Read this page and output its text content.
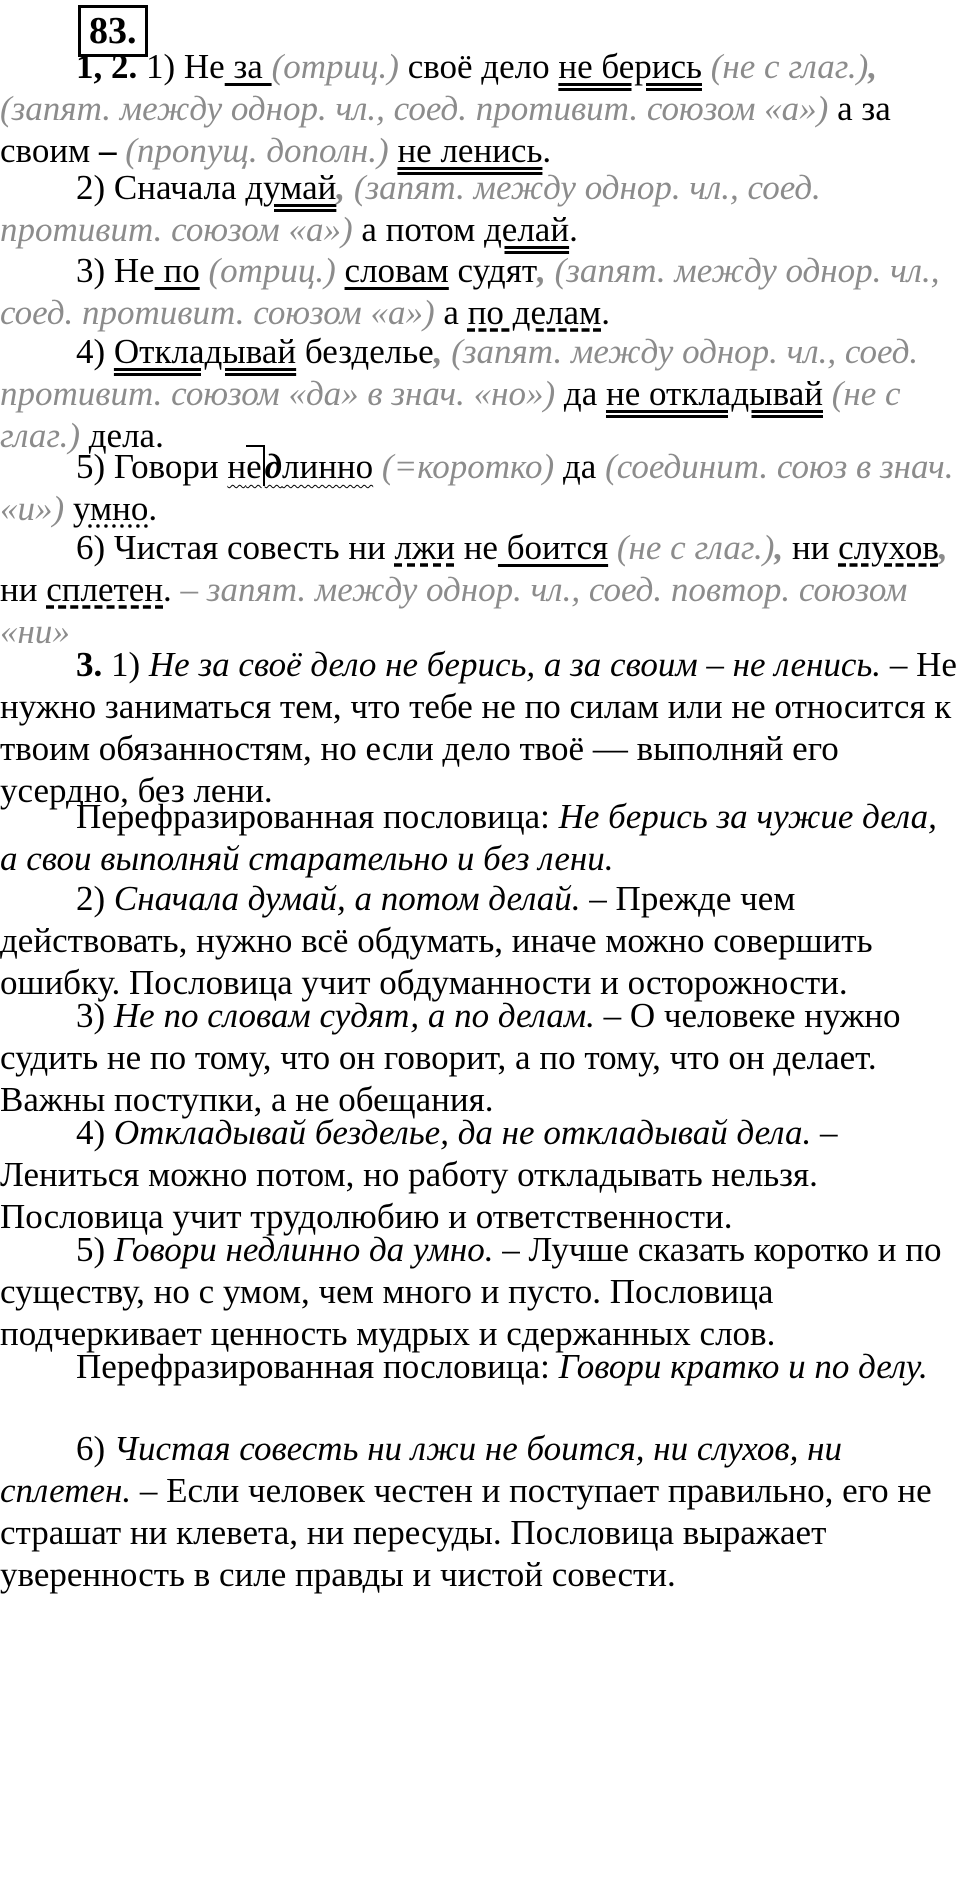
83.

1, 2. 1) Не за (отриц.) своё дело не берись (не с глаг.), (запят. между однор. чл., соед. противит. союзом «а») а за своим – (пропущ. дополн.) не ленись.

2) Сначала думай, (запят. между однор. чл., соед. противит. союзом «а») а потом делай.

3) Не по (отриц.) словам судят, (запят. между однор. чл., соед. противит. союзом «а») а по делам.

4) Откладывай безделье, (запят. между однор. чл., соед. противит. союзом «да» в знач. «но») да не откладывай (не с глаг.) дела.

5) Говори недлинно (=коротко) да (соединит. союз в знач. «и») умно.

6) Чистая совесть ни лжи не боится (не с глаг.), ни слухов, ни сплетен. – запят. между однор. чл., соед. повтор. союзом «ни»

3. 1) Не за своё дело не берись, а за своим – не ленись. – Не нужно заниматься тем, что тебе не по силам или не относится к твоим обязанностям, но если дело твоё — выполняй его усердно, без лени.

Перефразированная пословица: Не берись за чужие дела, а свои выполняй старательно и без лени.

2) Сначала думай, а потом делай. – Прежде чем действовать, нужно всё обдумать, иначе можно совершить ошибку. Пословица учит обдуманности и осторожности.

3) Не по словам судят, а по делам. – О человеке нужно судить не по тому, что он говорит, а по тому, что он делает. Важны поступки, а не обещания.

4) Откладывай безделье, да не откладывай дела. – Лениться можно потом, но работу откладывать нельзя. Пословица учит трудолюбию и ответственности.

5) Говори недлинно да умно. – Лучше сказать коротко и по существу, но с умом, чем много и пусто. Пословица подчеркивает ценность мудрых и сдержанных слов.

Перефразированная пословица: Говори кратко и по делу.

6) Чистая совесть ни лжи не боится, ни слухов, ни сплетен. – Если человек честен и поступает правильно, его не страшат ни клевета, ни пересуды. Пословица выражает уверенность в силе правды и чистой совести.
